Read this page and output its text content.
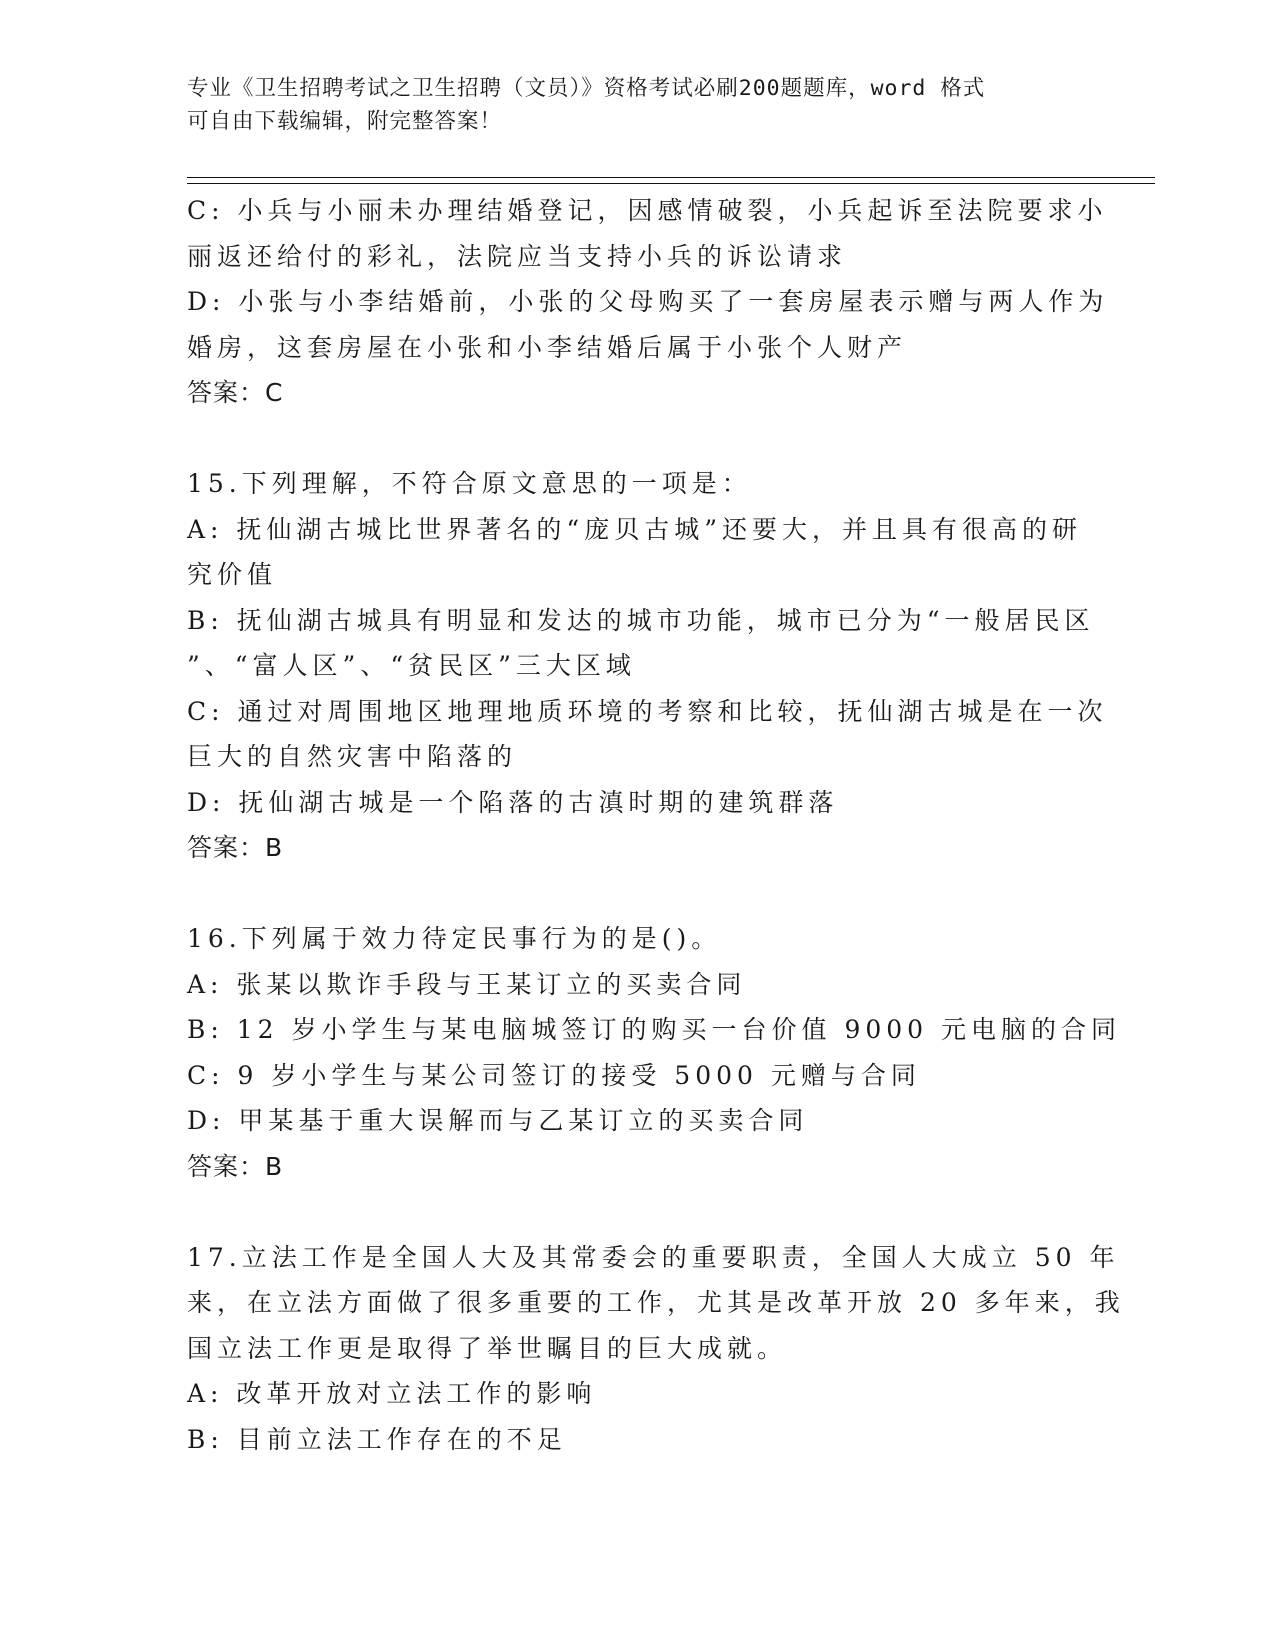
专业《卫生招聘考试之卫生招聘（文员）》资格考试必刷200题题库，word 格式
可自由下载编辑，附完整答案！
C: 小兵与小丽未办理结婚登记，因感情破裂，小兵起诉至法院要求小
丽返还给付的彩礼，法院应当支持小兵的诉讼请求
D: 小张与小李结婚前，小张的父母购买了一套房屋表示赠与两人作为
婚房，这套房屋在小张和小李结婚后属于小张个人财产
答案：C
15.下列理解，不符合原文意思的一项是：
A: 抚仙湖古城比世界著名的“庞贝古城”还要大，并且具有很高的研
究价值
B: 抚仙湖古城具有明显和发达的城市功能，城市已分为“一般居民区
”、“富人区”、“贫民区”三大区域
C: 通过对周围地区地理地质环境的考察和比较，抚仙湖古城是在一次
巨大的自然灾害中陷落的
D: 抚仙湖古城是一个陷落的古滇时期的建筑群落
答案：B
16.下列属于效力待定民事行为的是()。
A: 张某以欺诈手段与王某订立的买卖合同
B: 12 岁小学生与某电脑城签订的购买一台价值 9000 元电脑的合同
C: 9 岁小学生与某公司签订的接受 5000 元赠与合同
D: 甲某基于重大误解而与乙某订立的买卖合同
答案：B
17.立法工作是全国人大及其常委会的重要职责，全国人大成立 50 年
来，在立法方面做了很多重要的工作，尤其是改革开放 20 多年来，我
国立法工作更是取得了举世瞩目的巨大成就。
A: 改革开放对立法工作的影响
B: 目前立法工作存在的不足
